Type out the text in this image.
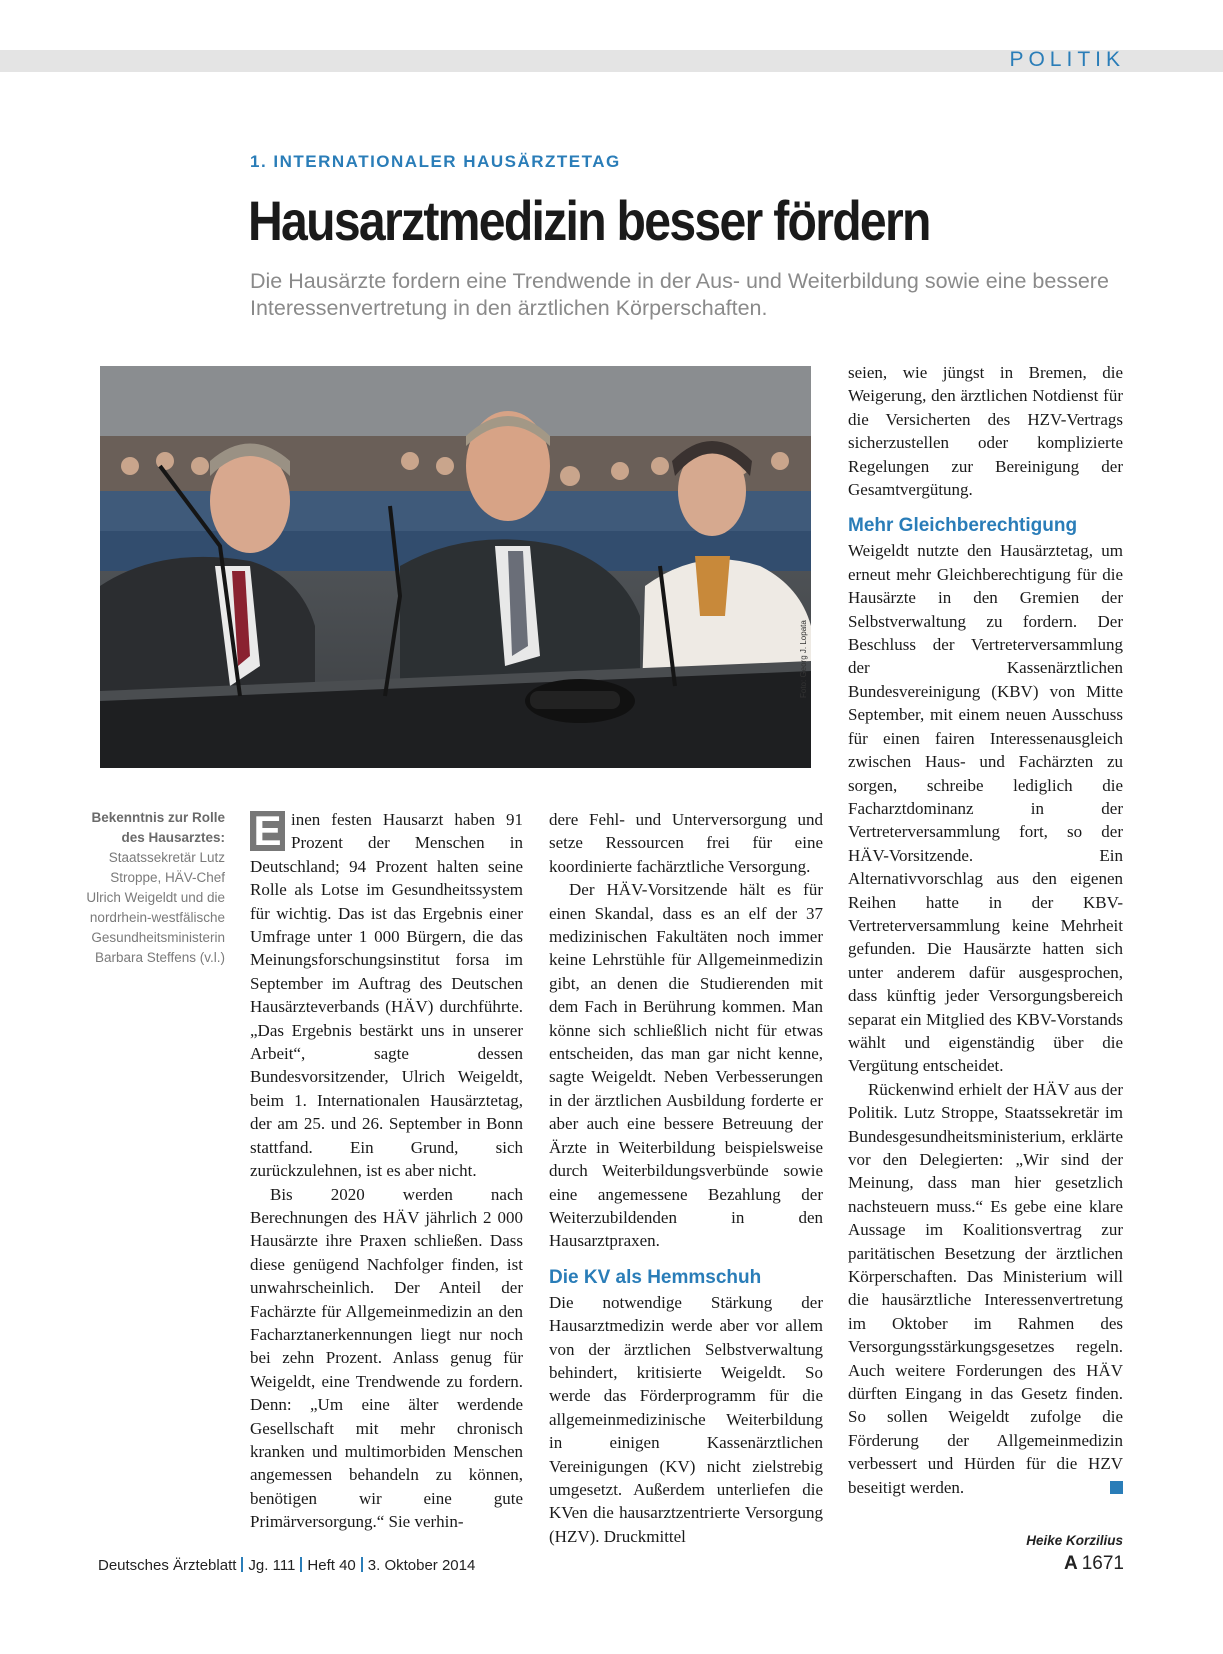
POLITIK
1. INTERNATIONALER HAUSÄRZTETAG
Hausarztmedizin besser fördern
Die Hausärzte fordern eine Trendwende in der Aus- und Weiterbildung sowie eine bessere Interessenvertretung in den ärztlichen Körperschaften.
Foto: Georg J. Lopata
Bekenntnis zur Rolle des Hausarztes: Staatssekretär Lutz Stroppe, HÄV-Chef Ulrich Weigeldt und die nordrhein-westfälische Gesundheitsministerin Barbara Steffens (v.l.)

E inen festen Hausarzt haben 91 Prozent der Menschen in Deutschland; 94 Prozent halten seine Rolle als Lotse im Gesundheitssystem für wichtig. Das ist das Ergebnis einer Umfrage unter 1 000 Bürgern, die das Meinungsforschungsinstitut forsa im September im Auftrag des Deutschen Hausärzteverbands (HÄV) durchführte. „Das Ergebnis bestärkt uns in unserer Arbeit“, sagte dessen Bundesvorsitzender, Ulrich Weigeldt, beim 1. Internationalen Hausärztetag, der am 25. und 26. September in Bonn stattfand. Ein Grund, sich zurückzulehnen, ist es aber nicht.

Bis 2020 werden nach Berechnungen des HÄV jährlich 2 000 Hausärzte ihre Praxen schließen. Dass diese genügend Nachfolger finden, ist unwahrscheinlich. Der Anteil der Fachärzte für Allgemeinmedizin an den Facharztanerkennungen liegt nur noch bei zehn Prozent. Anlass genug für Weigeldt, eine Trendwende zu fordern. Denn: „Um eine älter werdende Gesellschaft mit mehr chronisch kranken und multimorbiden Menschen angemessen behandeln zu können, benötigen wir eine gute Primärversorgung.“ Sie verhin-

dere Fehl- und Unterversorgung und setze Ressourcen frei für eine koordinierte fachärztliche Versorgung.

Der HÄV-Vorsitzende hält es für einen Skandal, dass es an elf der 37 medizinischen Fakultäten noch immer keine Lehrstühle für Allgemeinmedizin gibt, an denen die Studierenden mit dem Fach in Berührung kommen. Man könne sich schließlich nicht für etwas entscheiden, das man gar nicht kenne, sagte Weigeldt. Neben Verbesserungen in der ärztlichen Ausbildung forderte er aber auch eine bessere Betreuung der Ärzte in Weiterbildung beispielsweise durch Weiterbildungsverbünde sowie eine angemessene Bezahlung der Weiterzubildenden in den Hausarztpraxen.

Die KV als Hemmschuh

Die notwendige Stärkung der Hausarztmedizin werde aber vor allem von der ärztlichen Selbstverwaltung behindert, kritisierte Weigeldt. So werde das Förderprogramm für die allgemeinmedizinische Weiterbildung in einigen Kassenärztlichen Vereinigungen (KV) nicht zielstrebig umgesetzt. Außerdem unterliefen die KVen die hausarztzentrierte Versorgung (HZV). Druckmittel

seien, wie jüngst in Bremen, die Weigerung, den ärztlichen Notdienst für die Versicherten des HZV-Vertrags sicherzustellen oder komplizierte Regelungen zur Bereinigung der Gesamtvergütung.

Mehr Gleichberechtigung

Weigeldt nutzte den Hausärztetag, um erneut mehr Gleichberechtigung für die Hausärzte in den Gremien der Selbstverwaltung zu fordern. Der Beschluss der Vertreterversammlung der Kassenärztlichen Bundesvereinigung (KBV) von Mitte September, mit einem neuen Ausschuss für einen fairen Interessenausgleich zwischen Haus- und Fachärzten zu sorgen, schreibe lediglich die Facharztdominanz in der Vertreterversammlung fort, so der HÄV-Vorsitzende. Ein Alternativvorschlag aus den eigenen Reihen hatte in der KBV-Vertreterversammlung keine Mehrheit gefunden. Die Hausärzte hatten sich unter anderem dafür ausgesprochen, dass künftig jeder Versorgungsbereich separat ein Mitglied des KBV-Vorstands wählt und eigenständig über die Vergütung entscheidet.

Rückenwind erhielt der HÄV aus der Politik. Lutz Stroppe, Staatssekretär im Bundesgesundheitsministerium, erklärte vor den Delegierten: „Wir sind der Meinung, dass man hier gesetzlich nachsteuern muss.“ Es gebe eine klare Aussage im Koalitionsvertrag zur paritätischen Besetzung der ärztlichen Körperschaften. Das Ministerium will die hausärztliche Interessenvertretung im Oktober im Rahmen des Versorgungsstärkungsgesetzes regeln. Auch weitere Forderungen des HÄV dürften Eingang in das Gesetz finden. So sollen Weigeldt zufolge die Förderung der Allgemeinmedizin verbessert und Hürden für die HZV beseitigt werden.

Heike Korzilius
Deutsches Ärzteblatt Jg. 111 Heft 40 3. Oktober 2014	A 1671
